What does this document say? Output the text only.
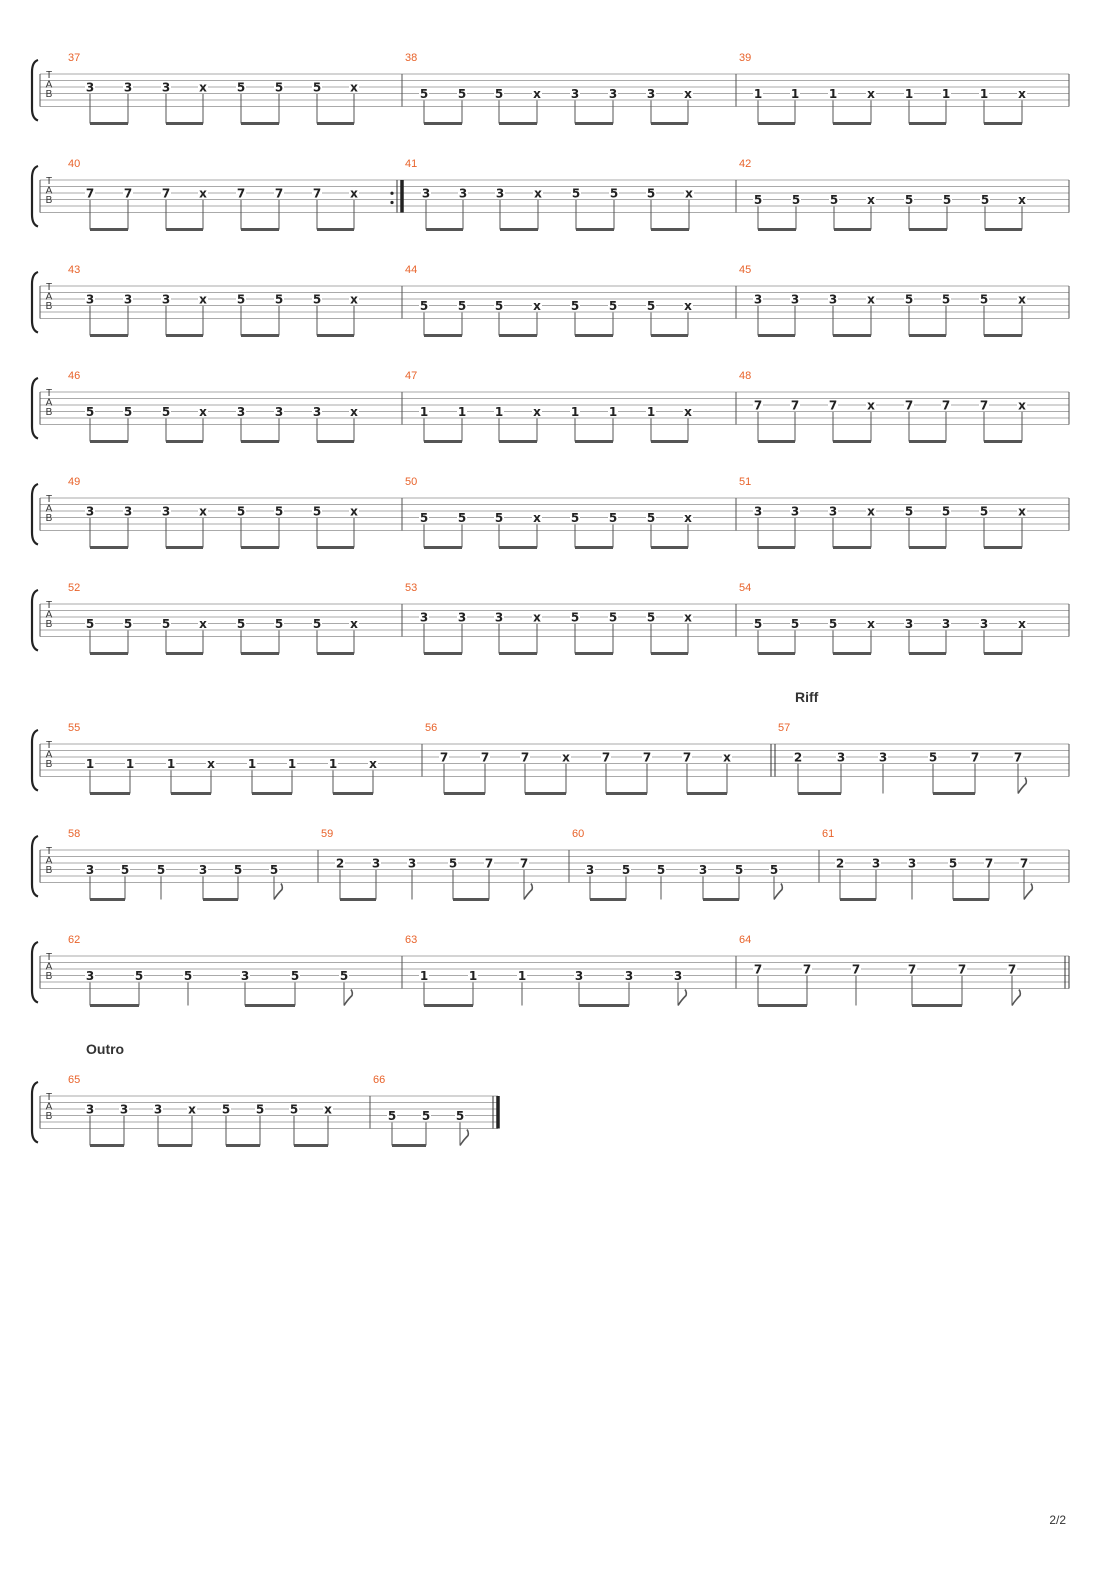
T
A
B
37
3 3 3 x 5 5 5 x
38
5 5 5 x 3 3 3 x
39
1 1 1 x 1 1 1 x
T
A
B
40
7 7 7 x 7 7 7 x
41
3 3 3 x 5 5 5 x
42
5 5 5 x 5 5 5 x
T
A
B
43
3 3 3 x 5 5 5 x
44
5 5 5 x 5 5 5 x
45
3 3 3 x 5 5 5 x
T
A
B
46
5 5 5 x 3 3 3 x
47
1 1 1 x 1 1 1 x
48
7 7 7 x 7 7 7 x
T
A
B
49
3 3 3 x 5 5 5 x
50
5 5 5 x 5 5 5 x
51
3 3 3 x 5 5 5 x
T
A
B
52
5 5 5 x 5 5 5 x
53
3 3 3 x 5 5 5 x
54
5 5 5 x 3 3 3 x
T
A
B
55
1	1	1	x	1	1	1	x
56
7	7	7	x	7	7	7	x
57
Riff
2	3	3	5	7	7
T
A
B
58
3 5 5	3 5 5
59
2 3 3	5 7 7
60
3 5 5	3 5 5
61
2 3 3	5 7 7
T
A
B
62
3	5	5	3	5	5
63
1	1	1	3	3	3
64
7	7	7	7	7	7
T
A
B
Outro
65
3 3 3 x 5 5 5 x
66
5 5 5
2/2
